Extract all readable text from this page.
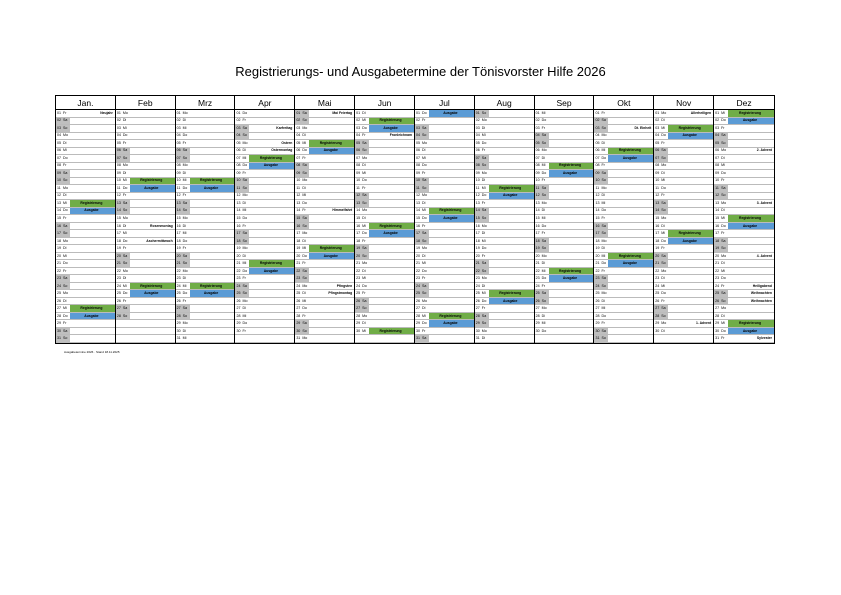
Registrierungs- und Ausgabetermine der Tönisvorster Hilfe 2026
Jan.
01 Fr	Neujahr
02 Sa
03 So
04 Mo
05 Di
06 Mi
07 Do
08 Fr
09 Sa
10 So
11 Mo
12 Di
13 Mi	Registrierung
14 Do	Ausgabe
15 Fr
16 Sa
17 So
18 Mo
19 Di
20 Mi
21 Do
22 Fr
23 Sa
24 So
25 Mo
26 Di
27 Mi	Registrierung
28 Do	Ausgabe
29 Fr
30 Sa
31 So
Feb
01 Mo
02 Di
03 Mi
04 Do
05 Fr
06 Sa
07 So
08 Mo
09 Di
10 Mi	Registrierung
11 Do	Ausgabe
12 Fr
13 Sa
14 So
15 Mo
16 Di	Rosenmontag
17 Mi
18 Do	Aschermittwoch
19 Fr
20 Sa
21 So
22 Mo
23 Di
24 Mi	Registrierung
25 Do	Ausgabe
26 Fr
27 Sa
28 So
Mrz
01 Mo
02 Di
03 Mi
04 Do
05 Fr
06 Sa
07 So
08 Mo
09 Di
10 Mi	Registrierung
11 Do	Ausgabe
12 Fr
13 Sa
14 So
15 Mo
16 Di
17 Mi
18 Do
19 Fr
20 Sa
21 So
22 Mo
23 Di
24 Mi	Registrierung
25 Do	Ausgabe
26 Fr
27 Sa
28 So
29 Mo
30 Di
31 Mi
Apr
01 Do
02 Fr
03 Sa	Karfreitag
04 So
05 Mo	Ostern
06 Di	Ostermontag
07 Mi	Registrierung
08 Do	Ausgabe
09 Fr
10 Sa
11 So
12 Mo
13 Di
14 Mi
15 Do
16 Fr
17 Sa
18 So
19 Mo
20 Di
21 Mi	Registrierung
22 Do	Ausgabe
23 Fr
24 Sa
25 So
26 Mo
27 Di
28 Mi
29 Do
30 Fr
Mai
01 Sa	Mai Feiertag
02 So
03 Mo
04 Di
05 Mi	Registrierung
06 Do	Ausgabe
07 Fr
08 Sa
09 So
10 Mo
11 Di
12 Mi
13 Do
14 Fr	Himmelfahrt
15 Sa
16 So
17 Mo
18 Di
19 Mi	Registrierung
20 Do	Ausgabe
21 Fr
22 Sa
23 So
24 Mo	Pfingsten
25 Di	Pfingstmontag
26 Mi
27 Do
28 Fr
29 Sa
30 So
31 Mo
Jun
01 Di
02 Mi	Registrierung
03 Do	Ausgabe
04 Fr	Fronleichnam
05 Sa
06 So
07 Mo
08 Di
09 Mi
10 Do
11 Fr
12 Sa
13 So
14 Mo
15 Di
16 Mi	Registrierung
17 Do	Ausgabe
18 Fr
19 Sa
20 So
21 Mo
22 Di
23 Mi
24 Do
25 Fr
26 Sa
27 So
28 Mo
29 Di
30 Mi	Registrierung
Jul
01 Do	Ausgabe
02 Fr
03 Sa
04 So
05 Mo
06 Di
07 Mi
08 Do
09 Fr
10 Sa
11 So
12 Mo
13 Di
14 Mi	Registrierung
15 Do	Ausgabe
16 Fr
17 Sa
18 So
19 Mo
20 Di
21 Mi
22 Do
23 Fr
24 Sa
25 So
26 Mo
27 Di
28 Mi	Registrierung
29 Do	Ausgabe
30 Fr
31 Sa
Aug
01 So
02 Mo
03 Di
04 Mi
05 Do
06 Fr
07 Sa
08 So
09 Mo
10 Di
11 Mi	Registrierung
12 Do	Ausgabe
13 Fr
14 Sa
15 So
16 Mo
17 Di
18 Mi
19 Do
20 Fr
21 Sa
22 So
23 Mo
24 Di
25 Mi	Registrierung
26 Do	Ausgabe
27 Fr
28 Sa
29 So
30 Mo
31 Di
Sep
01 Mi
02 Do
03 Fr
04 Sa
05 So
06 Mo
07 Di
08 Mi	Registrierung
09 Do	Ausgabe
10 Fr
11 Sa
12 So
13 Mo
14 Di
15 Mi
16 Do
17 Fr
18 Sa
19 So
20 Mo
21 Di
22 Mi	Registrierung
23 Do	Ausgabe
24 Fr
25 Sa
26 So
27 Mo
28 Di
29 Mi
30 Do
Okt
01 Fr
02 Sa
03 So	Dt. Einheit
04 Mo
05 Di
06 Mi	Registrierung
07 Do	Ausgabe
08 Fr
09 Sa
10 So
11 Mo
12 Di
13 Mi
14 Do
15 Fr
16 Sa
17 So
18 Mo
19 Di
20 Mi	Registrierung
21 Do	Ausgabe
22 Fr
23 Sa
24 So
25 Mo
26 Di
27 Mi
28 Do
29 Fr
30 Sa
31 So
Nov
01 Mo	Allerheiligen
02 Di
03 Mi	Registrierung
04 Do	Ausgabe
05 Fr
06 Sa
07 So
08 Mo
09 Di
10 Mi
11 Do
12 Fr
13 Sa
14 So
15 Mo
16 Di
17 Mi	Registrierung
18 Do	Ausgabe
19 Fr
20 Sa
21 So
22 Mo
23 Di
24 Mi
25 Do
26 Fr
27 Sa
28 So
29 Mo	1. Advent
30 Di
Dez
01 Mi	Registrierung
02 Do	Ausgabe
03 Fr
04 Sa
05 So
06 Mo	2. Advent
07 Di
08 Mi
09 Do
10 Fr
11 Sa
12 So
13 Mo	3. Advent
14 Di
15 Mi	Registrierung
16 Do	Ausgabe
17 Fr
18 Sa
19 So
20 Mo	4. Advent
21 Di
22 Mi
23 Do
24 Fr	Heiligabend
25 Sa	Weihnachten
26 So	Weihnachten
27 Mo
28 Di
29 Mi	Registrierung
30 Do	Ausgabe
31 Fr	Sylvester
Ausgabetermine 2026 · Stand 18.11.2025
